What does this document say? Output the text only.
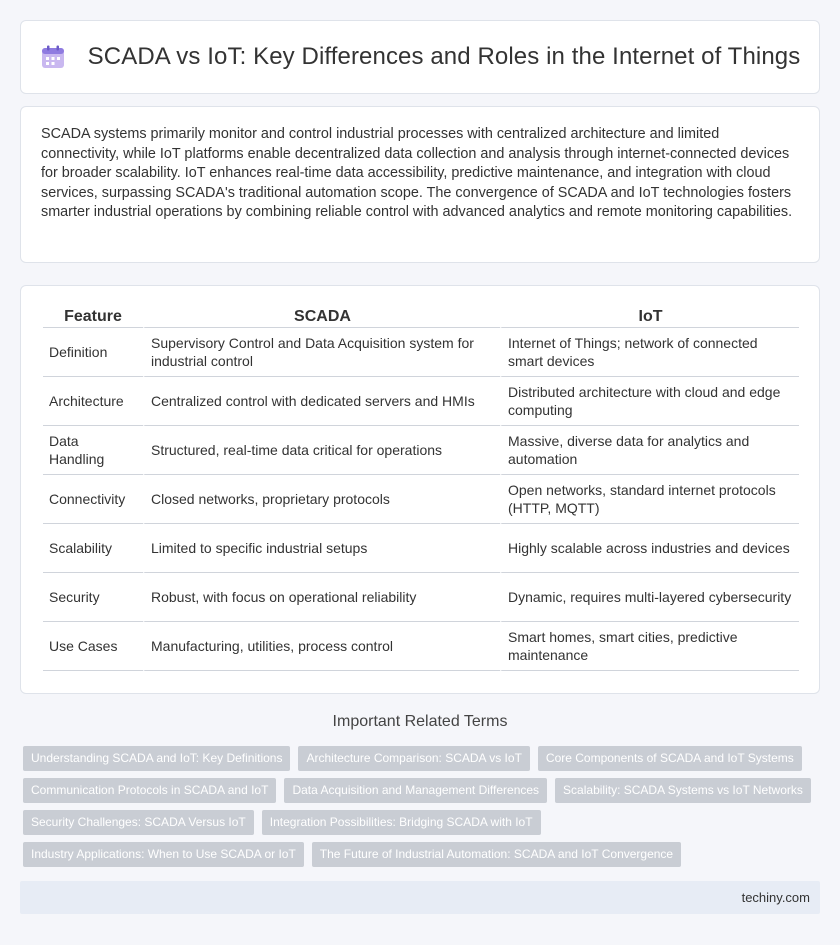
SCADA vs IoT: Key Differences and Roles in the Internet of Things

SCADA systems primarily monitor and control industrial processes with centralized architecture and limited connectivity, while IoT platforms enable decentralized data collection and analysis through internet-connected devices for broader scalability. IoT enhances real-time data accessibility, predictive maintenance, and integration with cloud services, surpassing SCADA's traditional automation scope. The convergence of SCADA and IoT technologies fosters smarter industrial operations by combining reliable control with advanced analytics and remote monitoring capabilities.

Feature	SCADA	IoT
Definition	Supervisory Control and Data Acquisition system for industrial control	Internet of Things; network of connected smart devices
Architecture	Centralized control with dedicated servers and HMIs	Distributed architecture with cloud and edge computing
Data Handling	Structured, real-time data critical for operations	Massive, diverse data for analytics and automation
Connectivity	Closed networks, proprietary protocols	Open networks, standard internet protocols (HTTP, MQTT)
Scalability	Limited to specific industrial setups	Highly scalable across industries and devices
Security	Robust, with focus on operational reliability	Dynamic, requires multi-layered cybersecurity
Use Cases	Manufacturing, utilities, process control	Smart homes, smart cities, predictive maintenance
Important Related Terms
Understanding SCADA and IoT: Key Definitions	Architecture Comparison: SCADA vs IoT	Core Components of SCADA and IoT Systems
Communication Protocols in SCADA and IoT	Data Acquisition and Management Differences	Scalability: SCADA Systems vs IoT Networks
Security Challenges: SCADA Versus IoT	Integration Possibilities: Bridging SCADA with IoT
Industry Applications: When to Use SCADA or IoT	The Future of Industrial Automation: SCADA and IoT Convergence
techiny.com
